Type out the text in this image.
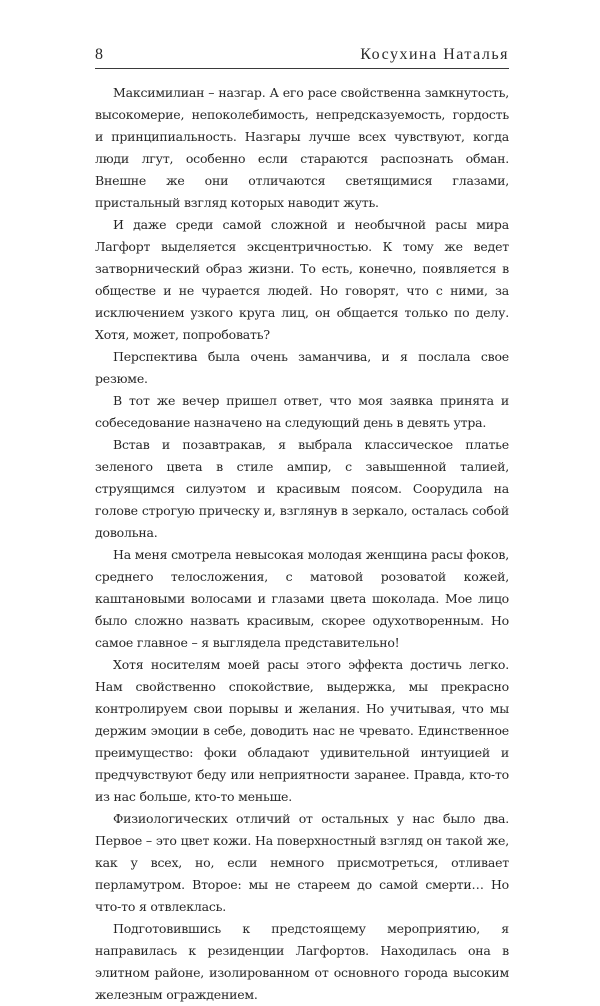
8	Косухина Наталья

Максимилиан – назгар. А его расе свойственна замкнутость, высокомерие, непоколебимость, непредсказуемость, гордость и принципиальность. Назгары лучше всех чувствуют, когда люди лгут, особенно если стараются распознать обман. Внешне же они отличаются светящимися глазами, пристальный взгляд которых наводит жуть.

И даже среди самой сложной и необычной расы мира Лагфорт выделяется эксцентричностью. К тому же ведет затворнический образ жизни. То есть, конечно, появляется в обществе и не чурается людей. Но говорят, что с ними, за исключением узкого круга лиц, он общается только по делу. Хотя, может, попробовать?

Перспектива была очень заманчива, и я послала свое резюме.

В тот же вечер пришел ответ, что моя заявка принята и собеседование назначено на следующий день в девять утра.

Встав и позавтракав, я выбрала классическое платье зеленого цвета в стиле ампир, с завышенной талией, струящимся силуэтом и красивым поясом. Соорудила на голове строгую прическу и, взглянув в зеркало, осталась собой довольна.

На меня смотрела невысокая молодая женщина расы фоков, среднего телосложения, с матовой розоватой кожей, каштановыми волосами и глазами цвета шоколада. Мое лицо было сложно назвать красивым, скорее одухотворенным. Но самое главное – я выглядела представительно!

Хотя носителям моей расы этого эффекта достичь легко. Нам свойственно спокойствие, выдержка, мы прекрасно контролируем свои порывы и желания. Но учитывая, что мы держим эмоции в себе, доводить нас не чревато. Единственное преимущество: фоки обладают удивительной интуицией и предчувствуют беду или неприятности заранее. Правда, кто-то из нас больше, кто-то меньше.

Физиологических отличий от остальных у нас было два. Первое – это цвет кожи. На поверхностный взгляд он такой же, как у всех, но, если немного присмотреться, отливает перламутром. Второе: мы не стареем до самой смерти… Но что-то я отвлеклась.

Подготовившись к предстоящему мероприятию, я направилась к резиденции Лагфортов. Находилась она в элитном районе, изолированном от основного города высоким железным ограждением.
